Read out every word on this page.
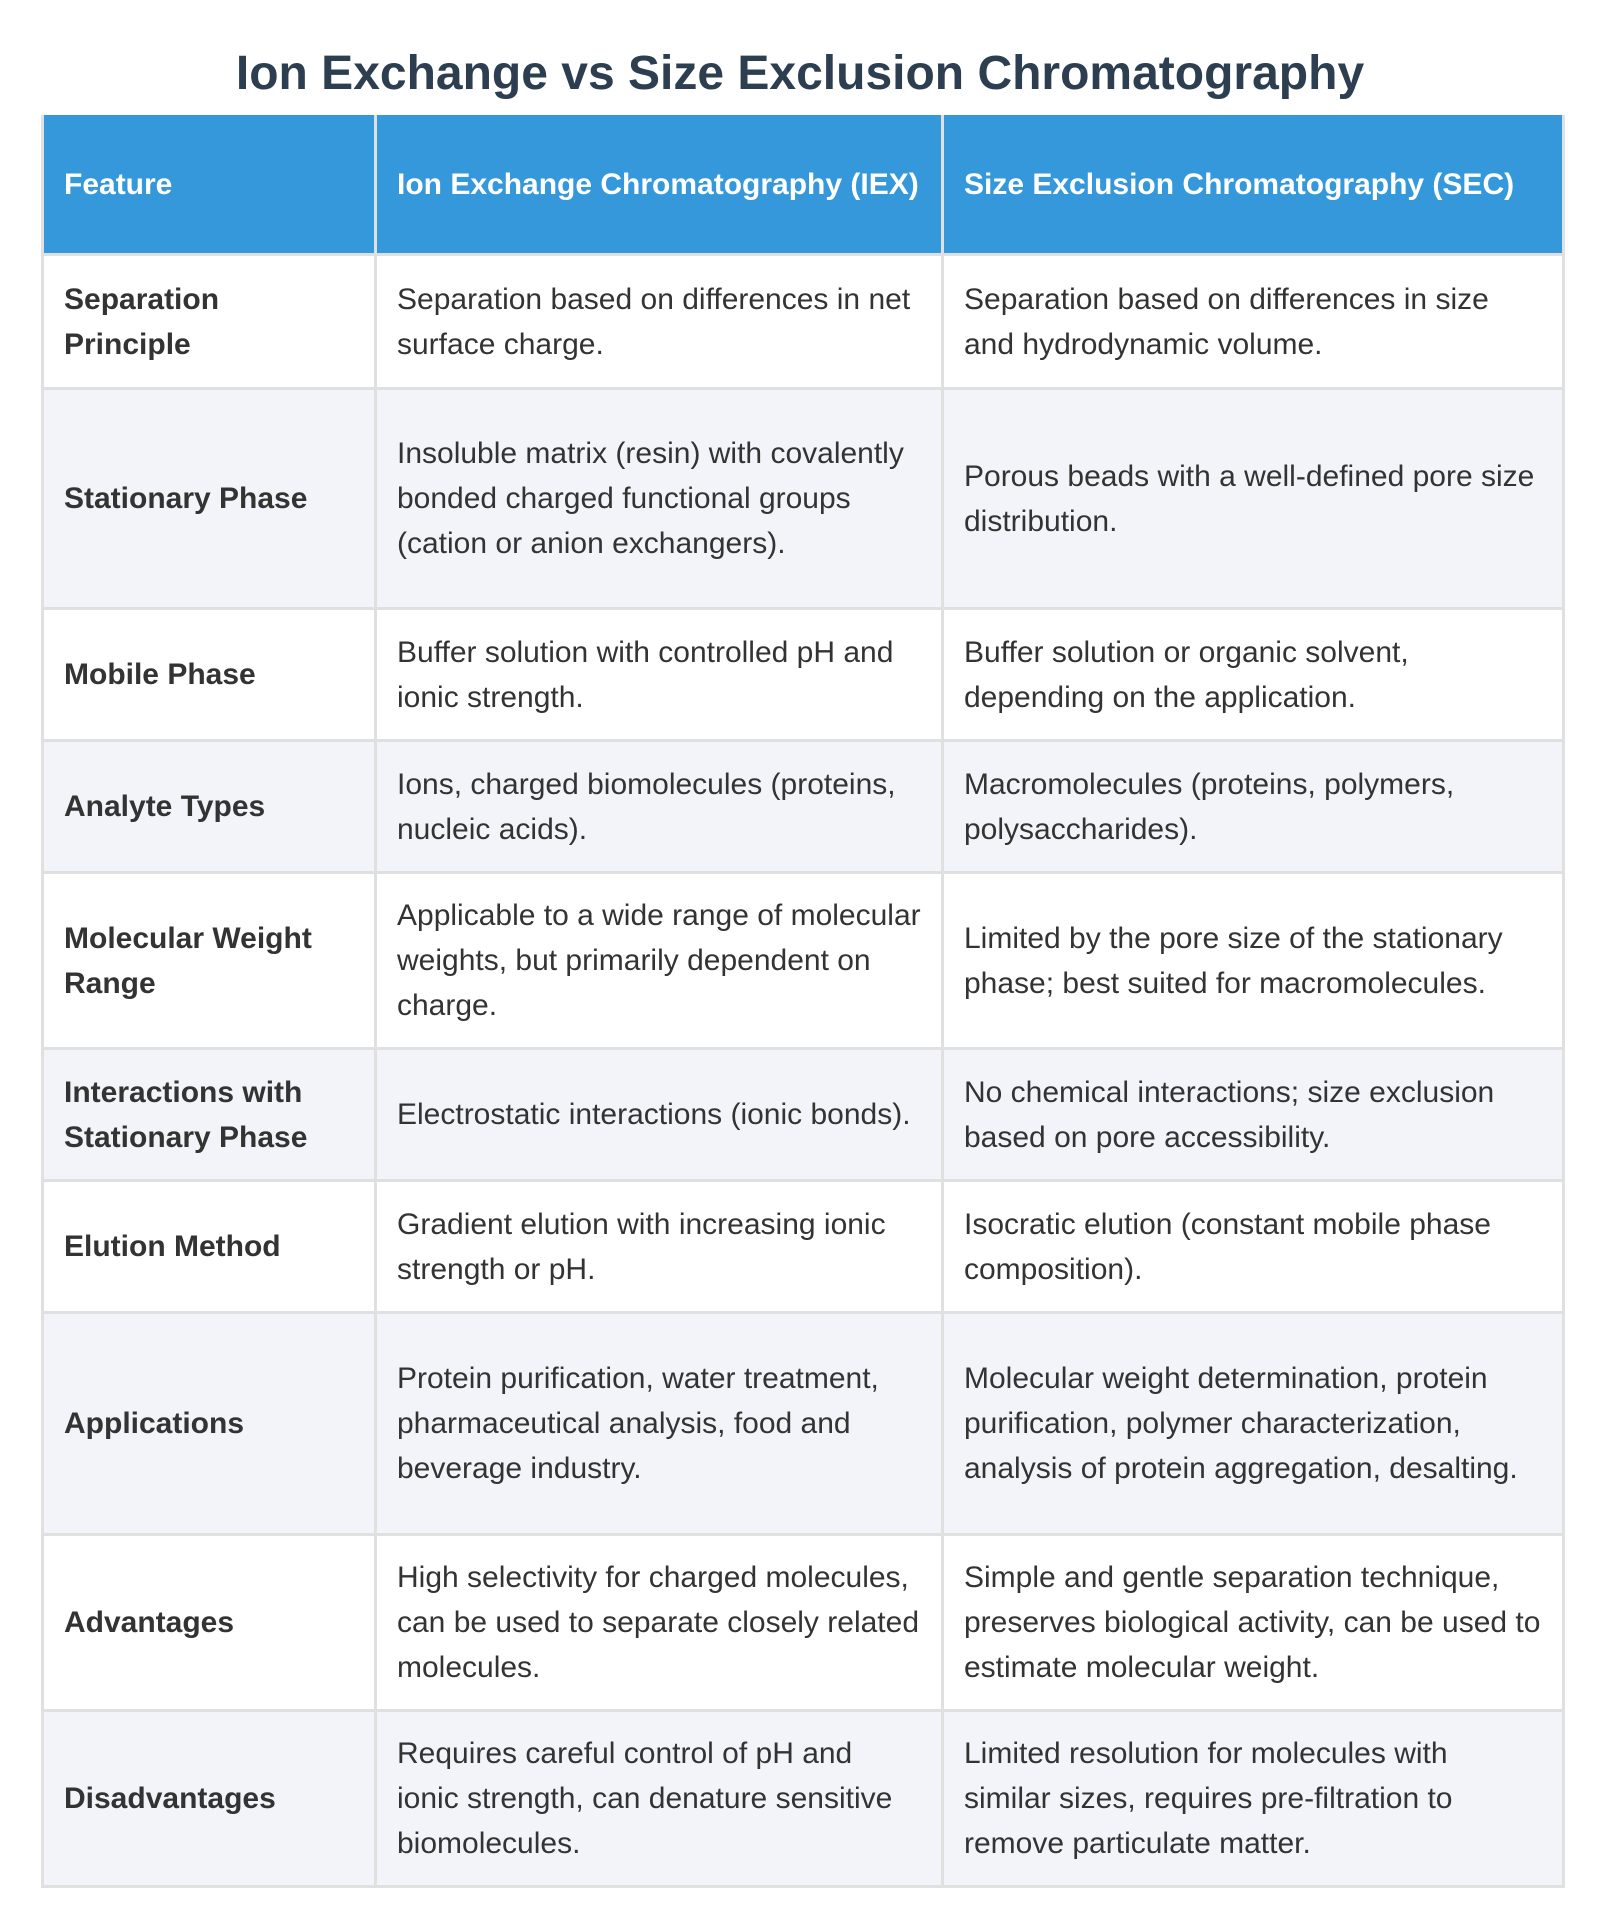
Ion Exchange vs Size Exclusion Chromatography
Feature	Ion Exchange Chromatography (IEX)	Size Exclusion Chromatography (SEC)
Separation Principle	Separation based on differences in net surface charge.	Separation based on differences in size and hydrodynamic volume.
Stationary Phase	Insoluble matrix (resin) with covalently bonded charged functional groups (cation or anion exchangers).	Porous beads with a well-defined pore size distribution.
Mobile Phase	Buffer solution with controlled pH and ionic strength.	Buffer solution or organic solvent, depending on the application.
Analyte Types	Ions, charged biomolecules (proteins, nucleic acids).	Macromolecules (proteins, polymers, polysaccharides).
Molecular Weight Range	Applicable to a wide range of molecular weights, but primarily dependent on charge.	Limited by the pore size of the stationary phase; best suited for macromolecules.
Interactions with Stationary Phase	Electrostatic interactions (ionic bonds).	No chemical interactions; size exclusion based on pore accessibility.
Elution Method	Gradient elution with increasing ionic strength or pH.	Isocratic elution (constant mobile phase composition).
Applications	Protein purification, water treatment, pharmaceutical analysis, food and beverage industry.	Molecular weight determination, protein purification, polymer characterization, analysis of protein aggregation, desalting.
Advantages	High selectivity for charged molecules, can be used to separate closely related molecules.	Simple and gentle separation technique, preserves biological activity, can be used to estimate molecular weight.
Disadvantages	Requires careful control of pH and ionic strength, can denature sensitive biomolecules.	Limited resolution for molecules with similar sizes, requires pre-filtration to remove particulate matter.
